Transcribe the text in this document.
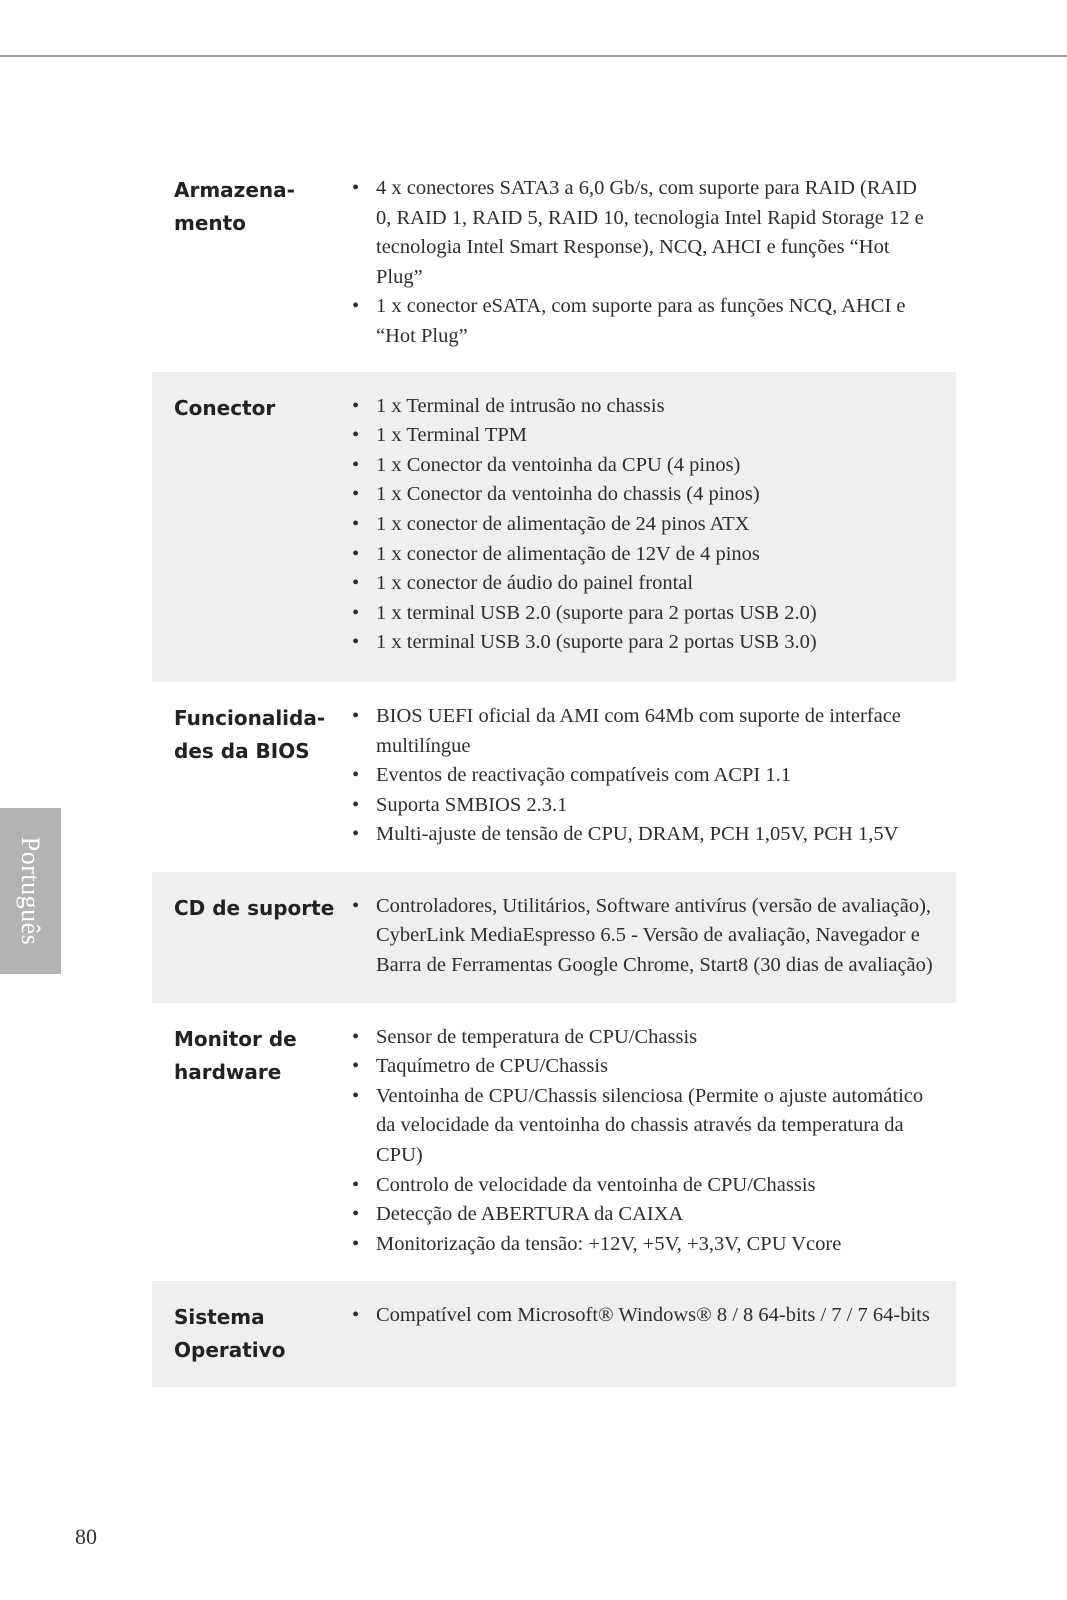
Português
Armazena-
mento
• 4 x conectores SATA3 a 6,0 Gb/s, com suporte para RAID (RAID 0, RAID 1, RAID 5, RAID 10, tecnologia Intel Rapid Storage 12 e tecnologia Intel Smart Response), NCQ, AHCI e funções “Hot Plug”
• 1 x conector eSATA, com suporte para as funções NCQ, AHCI e “Hot Plug”
Conector	• 1 x Terminal de intrusão no chassis
• 1 x Terminal TPM
• 1 x Conector da ventoinha da CPU (4 pinos)
• 1 x Conector da ventoinha do chassis (4 pinos)
• 1 x conector de alimentação de 24 pinos ATX
• 1 x conector de alimentação de 12V de 4 pinos
• 1 x conector de áudio do painel frontal
• 1 x terminal USB 2.0 (suporte para 2 portas USB 2.0)
• 1 x terminal USB 3.0 (suporte para 2 portas USB 3.0)
Funcionalida-
des da BIOS
• BIOS UEFI oficial da AMI com 64Mb com suporte de interface multilíngue
• Eventos de reactivação compatíveis com ACPI 1.1
• Suporta SMBIOS 2.3.1
• Multi-ajuste de tensão de CPU, DRAM, PCH 1,05V, PCH 1,5V
CD de suporte	• Controladores, Utilitários, Software antivírus (versão de avaliação), CyberLink MediaEspresso 6.5 - Versão de avaliação, Navegador e Barra de Ferramentas Google Chrome, Start8 (30 dias de avaliação)
Monitor de
hardware
• Sensor de temperatura de CPU/Chassis
• Taquímetro de CPU/Chassis
• Ventoinha de CPU/Chassis silenciosa (Permite o ajuste automático da velocidade da ventoinha do chassis através da temperatura da CPU)
• Controlo de velocidade da ventoinha de CPU/Chassis
• Detecção de ABERTURA da CAIXA
• Monitorização da tensão: +12V, +5V, +3,3V, CPU Vcore
Sistema
Operativo
• Compatível com Microsoft® Windows® 8 / 8 64-bits / 7 / 7 64-bits
80
